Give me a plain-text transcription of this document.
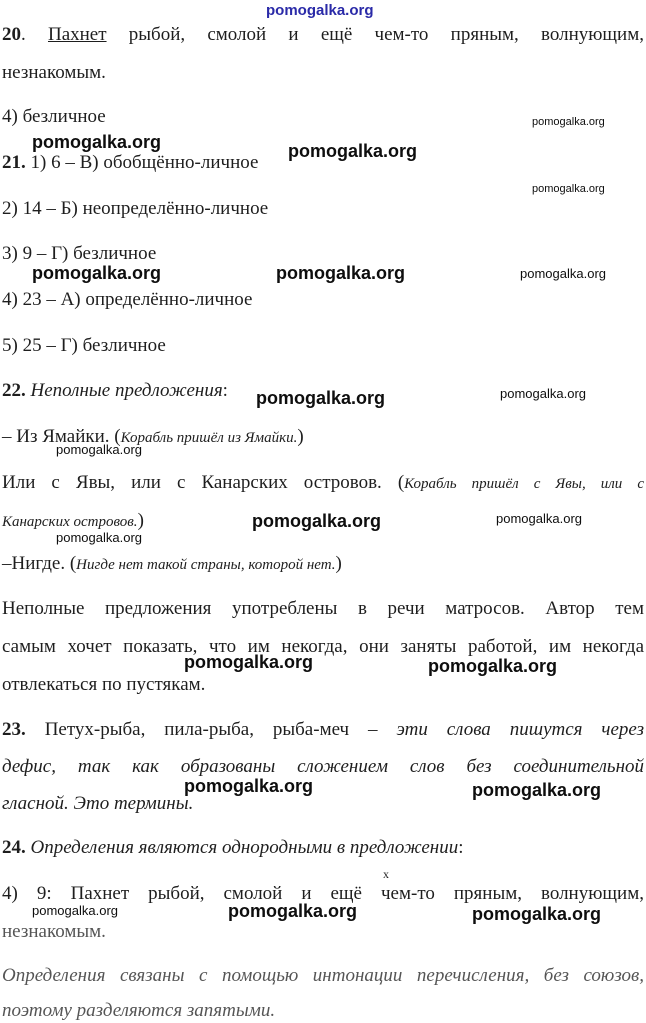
pomogalka.org
20. Пахнет рыбой, смолой и ещё чем-то пряным, волнующим,
незнакомым.
4) безличное
21. 1) 6 – В) обобщённо-личное
2) 14 – Б) неопределённо-личное
3) 9 – Г) безличное
4) 23 – А) определённо-личное
5) 25 – Г) безличное
22. Неполные предложения:
– Из Ямайки. (Корабль пришёл из Ямайки.)
Или с Явы, или с Канарских островов. (Корабль пришёл с Явы, или с
Канарских островов.)
–Нигде. (Нигде нет такой страны, которой нет.)
Неполные предложения употреблены в речи матросов. Автор тем
самым хочет показать, что им некогда, они заняты работой, им некогда
отвлекаться по пустякам.
23. Петух-рыба, пила-рыба, рыба-меч – эти слова пишутся через
дефис, так как образованы сложением слов без соединительной
гласной. Это термины.
24. Определения являются однородными в предложении:
x
4) 9: Пахнет рыбой, смолой и ещё чем-то пряным, волнующим,
незнакомым.
Определения связаны с помощью интонации перечисления, без союзов,
поэтому разделяются запятыми.
pomogalka.org
pomogalka.org	pomogalka.org
pomogalka.org
pomogalka.org	pomogalka.org	pomogalka.org
pomogalka.org	pomogalka.org
pomogalka.org
pomogalka.org	pomogalka.org
pomogalka.org
pomogalka.org	pomogalka.org
pomogalka.org	pomogalka.org
pomogalka.org	pomogalka.org	pomogalka.org
